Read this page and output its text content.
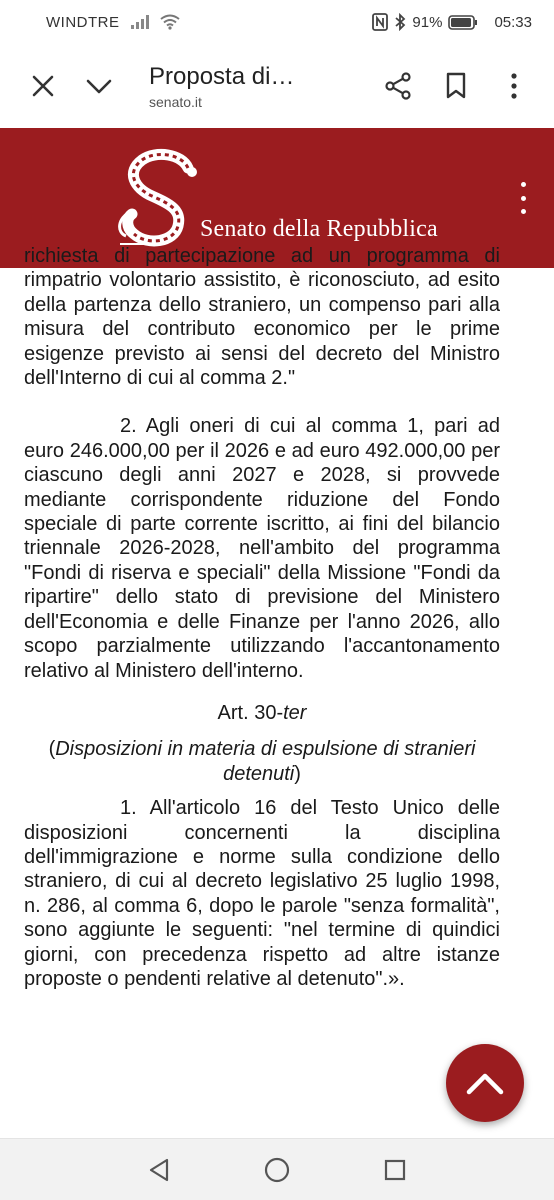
WINDTRE	91%	05:33
Proposta di…
senato.it
Senato della Repubblica

richiesta di partecipazione ad un programma di rimpatrio volontario assistito, è riconosciuto, ad esito della partenza dello straniero, un compenso pari alla misura del contributo economico per le prime esigenze previsto ai sensi del decreto del Ministro dell'Interno di cui al comma 2."

2. Agli oneri di cui al comma 1, pari ad euro 246.000,00 per il 2026 e ad euro 492.000,00 per ciascuno degli anni 2027 e 2028, si provvede mediante corrispondente riduzione del Fondo speciale di parte corrente iscritto, ai fini del bilancio triennale 2026-2028, nell'ambito del programma "Fondi di riserva e speciali" della Missione "Fondi da ripartire" dello stato di previsione del Ministero dell'Economia e delle Finanze per l'anno 2026, allo scopo parzialmente utilizzando l'accantonamento relativo al Ministero dell'interno.

Art. 30-ter

(Disposizioni in materia di espulsione di stranieri detenuti)

1. All'articolo 16 del Testo Unico delle disposizioni concernenti la disciplina dell'immigrazione e norme sulla condizione dello straniero, di cui al decreto legislativo 25 luglio 1998, n. 286, al comma 6, dopo le parole "senza formalità", sono aggiunte le seguenti: "nel termine di quindici giorni, con precedenza rispetto ad altre istanze proposte o pendenti relative al detenuto".».
